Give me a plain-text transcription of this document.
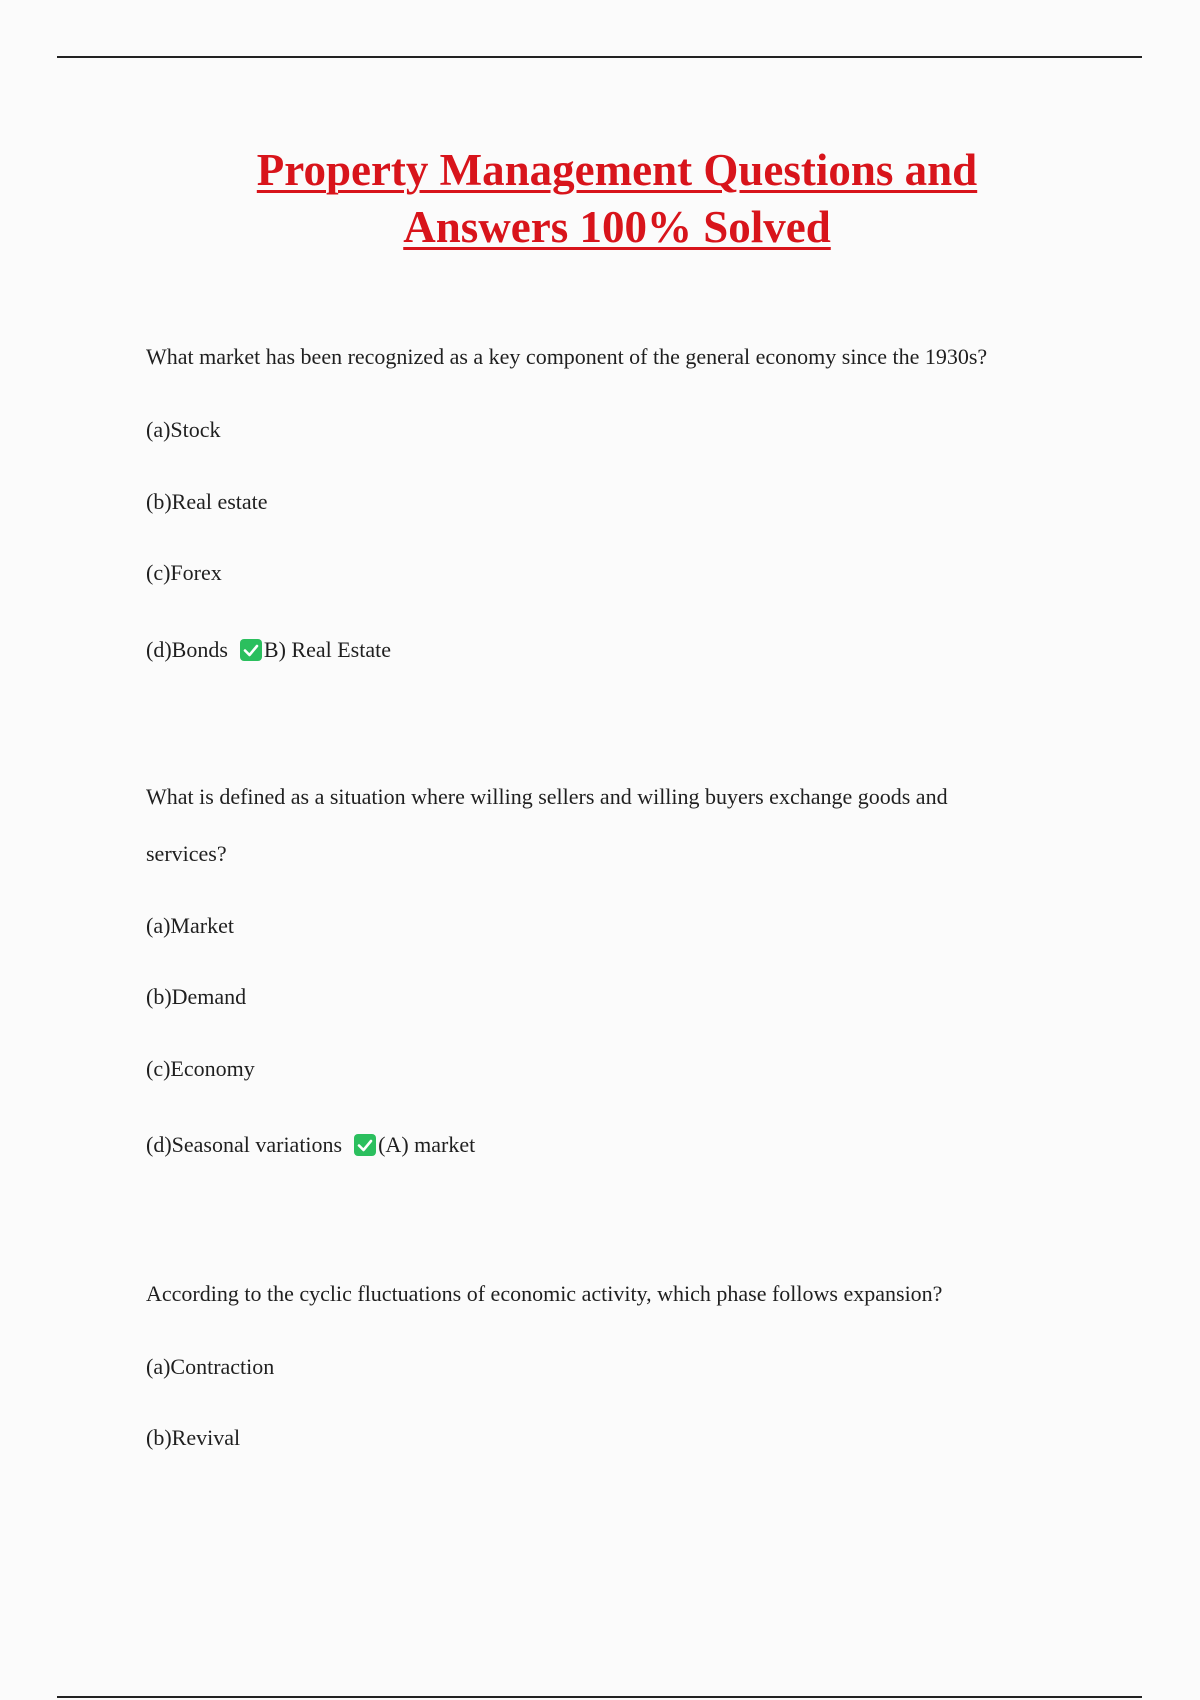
Property Management Questions and
Answers 100% Solved
What market has been recognized as a key component of the general economy since the 1930s?
(a)Stock
(b)Real estate
(c)Forex
(d)Bonds B) Real Estate
What is defined as a situation where willing sellers and willing buyers exchange goods and
services?
(a)Market
(b)Demand
(c)Economy
(d)Seasonal variations (A) market
According to the cyclic fluctuations of economic activity, which phase follows expansion?
(a)Contraction
(b)Revival
